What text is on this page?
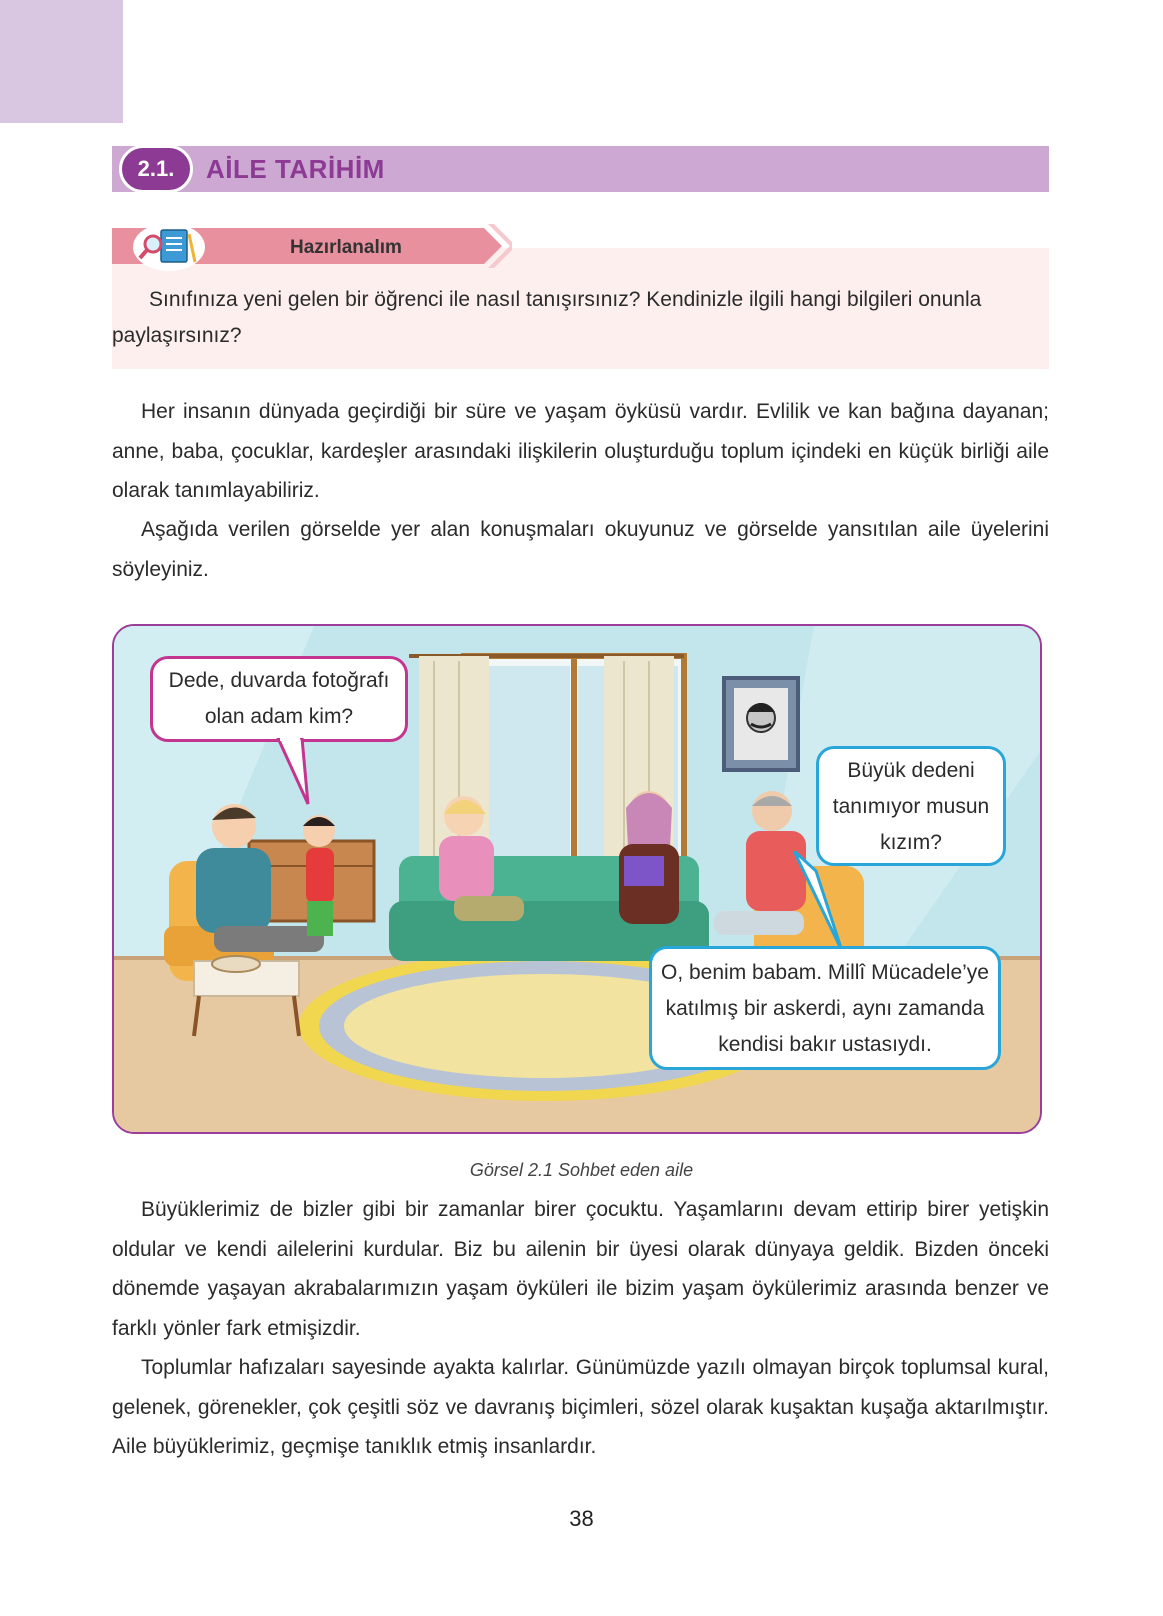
2.1.	AİLE TARİHİM
Hazırlanalım
Sınıfınıza yeni gelen bir öğrenci ile nasıl tanışırsınız? Kendinizle ilgili hangi bilgileri onunla paylaşırsınız?

Her insanın dünyada geçirdiği bir süre ve yaşam öyküsü vardır. Evlilik ve kan bağına dayanan; anne, baba, çocuklar, kardeşler arasındaki ilişkilerin oluşturduğu toplum içindeki en küçük birliği aile olarak tanımlayabiliriz.

Aşağıda verilen görselde yer alan konuşmaları okuyunuz ve görselde yansıtılan aile üyelerini söyleyiniz.

Dede, duvarda fotoğrafı
olan adam kim?
Büyük dedeni
tanımıyor musun
kızım?
O, benim babam. Millî Mücadele’ye
katılmış bir askerdi, aynı zamanda
kendisi bakır ustasıydı.
Görsel 2.1 Sohbet eden aile

Büyüklerimiz de bizler gibi bir zamanlar birer çocuktu. Yaşamlarını devam ettirip birer yetişkin oldular ve kendi ailelerini kurdular. Biz bu ailenin bir üyesi olarak dünyaya geldik. Bizden önceki dönemde yaşayan akrabalarımızın yaşam öyküleri ile bizim yaşam öykülerimiz arasında benzer ve farklı yönler fark etmişizdir.

Toplumlar hafızaları sayesinde ayakta kalırlar. Günümüzde yazılı olmayan birçok toplumsal kural, gelenek, görenekler, çok çeşitli söz ve davranış biçimleri, sözel olarak kuşaktan kuşağa aktarılmıştır. Aile büyüklerimiz, geçmişe tanıklık etmiş insanlardır.

38
